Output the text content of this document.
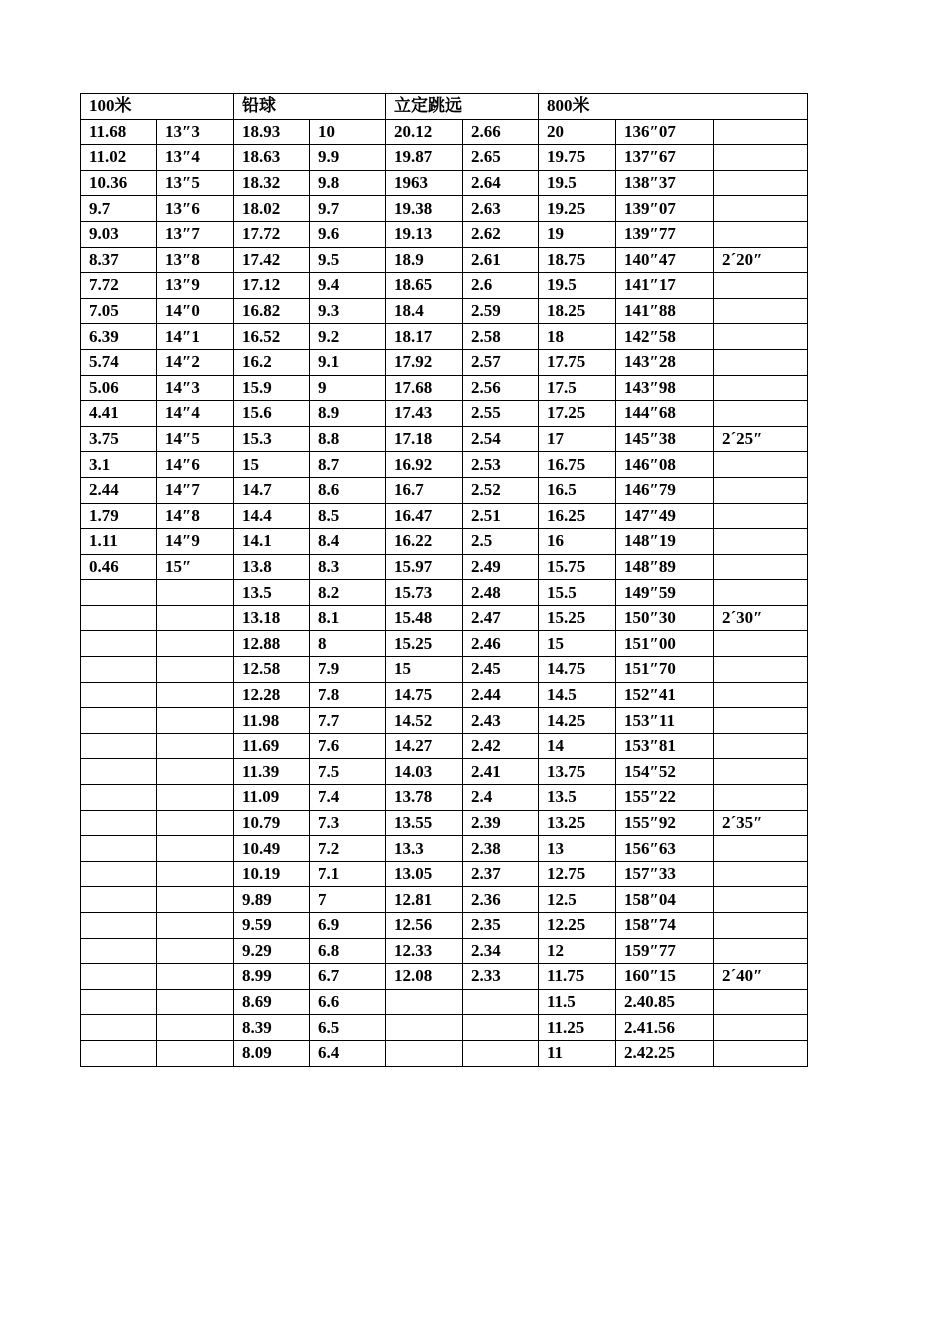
100米		铅球		立定跳远		800米		
11.68	13″3	18.93	10	20.12	2.66	20	136″07	
11.02	13″4	18.63	9.9	19.87	2.65	19.75	137″67	
10.36	13″5	18.32	9.8	1963	2.64	19.5	138″37	
9.7	13″6	18.02	9.7	19.38	2.63	19.25	139″07	
9.03	13″7	17.72	9.6	19.13	2.62	19	139″77	
8.37	13″8	17.42	9.5	18.9	2.61	18.75	140″47	2´20″
7.72	13″9	17.12	9.4	18.65	2.6	19.5	141″17	
7.05	14″0	16.82	9.3	18.4	2.59	18.25	141″88	
6.39	14″1	16.52	9.2	18.17	2.58	18	142″58	
5.74	14″2	16.2	9.1	17.92	2.57	17.75	143″28	
5.06	14″3	15.9	9	17.68	2.56	17.5	143″98	
4.41	14″4	15.6	8.9	17.43	2.55	17.25	144″68	
3.75	14″5	15.3	8.8	17.18	2.54	17	145″38	2´25″
3.1	14″6	15	8.7	16.92	2.53	16.75	146″08	
2.44	14″7	14.7	8.6	16.7	2.52	16.5	146″79	
1.79	14″8	14.4	8.5	16.47	2.51	16.25	147″49	
1.11	14″9	14.1	8.4	16.22	2.5	16	148″19	
0.46	15″	13.8	8.3	15.97	2.49	15.75	148″89	
		13.5	8.2	15.73	2.48	15.5	149″59	
		13.18	8.1	15.48	2.47	15.25	150″30	2´30″
		12.88	8	15.25	2.46	15	151″00	
		12.58	7.9	15	2.45	14.75	151″70	
		12.28	7.8	14.75	2.44	14.5	152″41	
		11.98	7.7	14.52	2.43	14.25	153″11	
		11.69	7.6	14.27	2.42	14	153″81	
		11.39	7.5	14.03	2.41	13.75	154″52	
		11.09	7.4	13.78	2.4	13.5	155″22	
		10.79	7.3	13.55	2.39	13.25	155″92	2´35″
		10.49	7.2	13.3	2.38	13	156″63	
		10.19	7.1	13.05	2.37	12.75	157″33	
		9.89	7	12.81	2.36	12.5	158″04	
		9.59	6.9	12.56	2.35	12.25	158″74	
		9.29	6.8	12.33	2.34	12	159″77	
		8.99	6.7	12.08	2.33	11.75	160″15	2´40″
		8.69	6.6			11.5	2.40.85	
		8.39	6.5			11.25	2.41.56	
		8.09	6.4			11	2.42.25	
